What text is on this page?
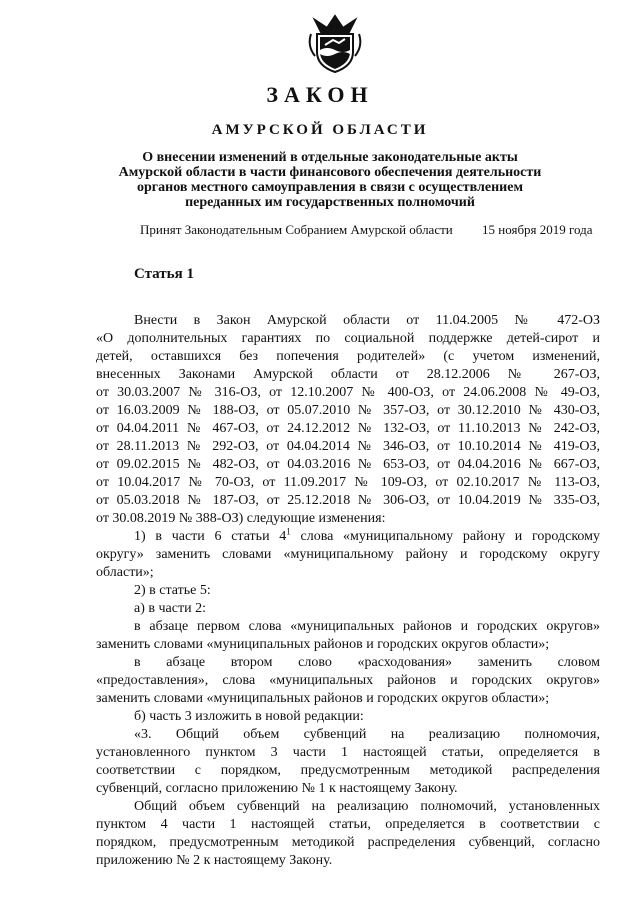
ЗАКОН
АМУРСКОЙ ОБЛАСТИ
О внесении изменений в отдельные законодательные акты
Амурской области в части финансового обеспечения деятельности
органов местного самоуправления в связи с осуществлением
переданных им государственных полномочий
Принят Законодательным Собранием Амурской области 15 ноября 2019 года
Статья 1

Внести в Закон Амурской области от 11.04.2005 № 472-ОЗ

«О дополнительных гарантиях по социальной поддержке детей-сирот и

детей, оставшихся без попечения родителей» (с учетом изменений,

внесенных Законами Амурской области от 28.12.2006 № 267-ОЗ,

от 30.03.2007 № 316-ОЗ, от 12.10.2007 № 400-ОЗ, от 24.06.2008 № 49-ОЗ,

от 16.03.2009 № 188-ОЗ, от 05.07.2010 № 357-ОЗ, от 30.12.2010 № 430-ОЗ,

от 04.04.2011 № 467-ОЗ, от 24.12.2012 № 132-ОЗ, от 11.10.2013 № 242-ОЗ,

от 28.11.2013 № 292-ОЗ, от 04.04.2014 № 346-ОЗ, от 10.10.2014 № 419-ОЗ,

от 09.02.2015 № 482-ОЗ, от 04.03.2016 № 653-ОЗ, от 04.04.2016 № 667-ОЗ,

от 10.04.2017 № 70-ОЗ, от 11.09.2017 № 109-ОЗ, от 02.10.2017 № 113-ОЗ,

от 05.03.2018 № 187-ОЗ, от 25.12.2018 № 306-ОЗ, от 10.04.2019 № 335-ОЗ,

от 30.08.2019 № 388-ОЗ) следующие изменения:

1) в части 6 статьи $4^1$ слова «муниципальному району и городскому

округу» заменить словами «муниципальному району и городскому округу

области»;

2) в статье 5:

а) в части 2:

в абзаце первом слова «муниципальных районов и городских округов»

заменить словами «муниципальных районов и городских округов области»;

в абзаце втором слово «расходования» заменить словом

«предоставления», слова «муниципальных районов и городских округов»

заменить словами «муниципальных районов и городских округов области»;

б) часть 3 изложить в новой редакции:

«3. Общий объем субвенций на реализацию полномочия,

установленного пунктом 3 части 1 настоящей статьи, определяется в

соответствии с порядком, предусмотренным методикой распределения

субвенций, согласно приложению № 1 к настоящему Закону.

Общий объем субвенций на реализацию полномочий, установленных

пунктом 4 части 1 настоящей статьи, определяется в соответствии с

порядком, предусмотренным методикой распределения субвенций, согласно

приложению № 2 к настоящему Закону.
